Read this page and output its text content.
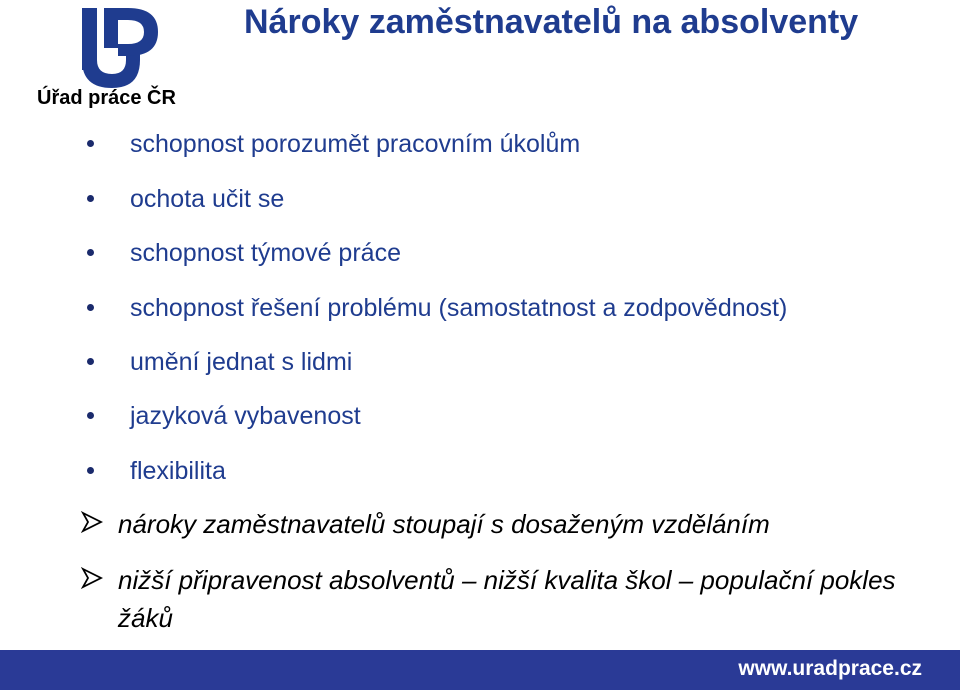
Úřad práce ČR
Nároky zaměstnavatelů na absolventy
schopnost porozumět pracovním úkolům
ochota učit se
schopnost týmové práce
schopnost řešení problému (samostatnost a zodpovědnost)
umění jednat s lidmi
jazyková vybavenost
flexibilita
nároky zaměstnavatelů stoupají s dosaženým vzděláním
nižší připravenost absolventů – nižší kvalita škol – populační pokles žáků
www.uradprace.cz
